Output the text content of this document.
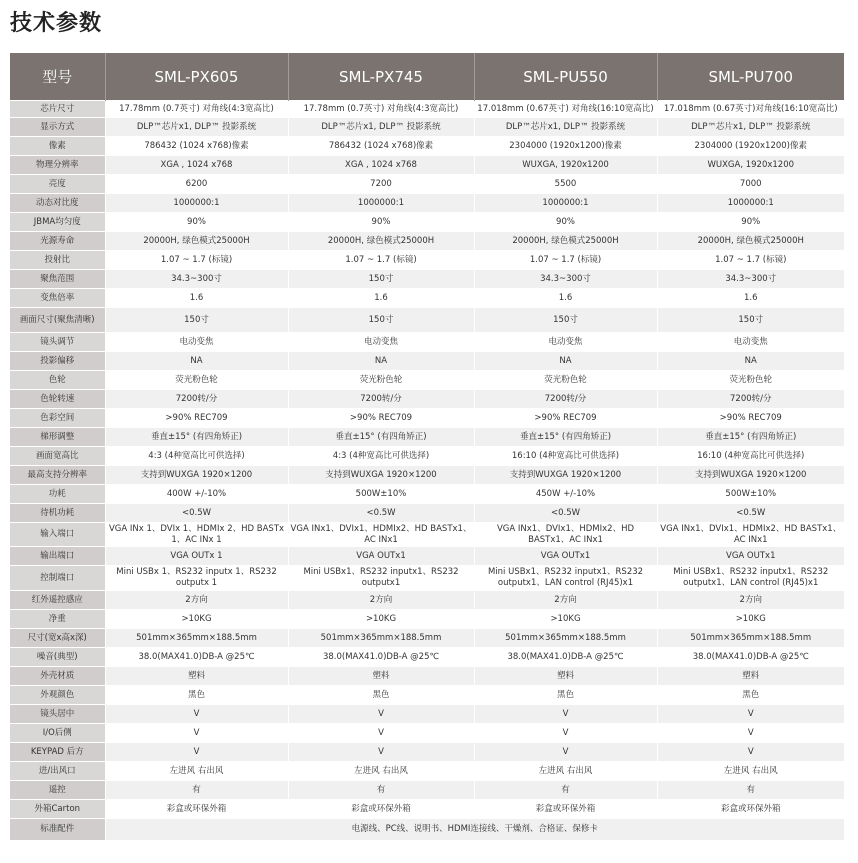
技术参数
型号	SML-PX605	SML-PX745	SML-PU550	SML-PU700
芯片尺寸	17.78mm (0.7英寸) 对角线(4:3宽高比)	17.78mm (0.7英寸) 对角线(4:3宽高比)	17.018mm (0.67英寸) 对角线(16:10宽高比)	17.018mm (0.67英寸)对角线(16:10宽高比)
显示方式	DLP™芯片x1, DLP™ 投影系统	DLP™芯片x1, DLP™ 投影系统	DLP™芯片x1, DLP™ 投影系统	DLP™芯片x1, DLP™ 投影系统
像素	786432 (1024 x768)像素	786432 (1024 x768)像素	2304000 (1920x1200)像素	2304000 (1920x1200)像素
物理分辨率	XGA , 1024 x768	XGA , 1024 x768	WUXGA, 1920x1200	WUXGA, 1920x1200
亮度	6200	7200	5500	7000
动态对比度	1000000:1	1000000:1	1000000:1	1000000:1
JBMA均匀度	90%	90%	90%	90%
光源寿命	20000H, 绿色模式25000H	20000H, 绿色模式25000H	20000H, 绿色模式25000H	20000H, 绿色模式25000H
投射比	1.07 ~ 1.7 (标镜)	1.07 ~ 1.7 (标镜)	1.07 ~ 1.7 (标镜)	1.07 ~ 1.7 (标镜)
聚焦范围	34.3~300寸	150寸	34.3~300寸	34.3~300寸
变焦倍率	1.6	1.6	1.6	1.6
画面尺寸(聚焦清晰)	150寸	150寸	150寸	150寸
镜头调节	电动变焦	电动变焦	电动变焦	电动变焦
投影偏移	NA	NA	NA	NA
色轮	荧光粉色轮	荧光粉色轮	荧光粉色轮	荧光粉色轮
色轮转速	7200转/分	7200转/分	7200转/分	7200转/分
色彩空间	>90% REC709	>90% REC709	>90% REC709	>90% REC709
梯形调整	垂直±15° (有四角矫正)	垂直±15° (有四角矫正)	垂直±15° (有四角矫正)	垂直±15° (有四角矫正)
画面宽高比	4:3 (4种宽高比可供选择)	4:3 (4种宽高比可供选择)	16:10 (4种宽高比可供选择)	16:10 (4种宽高比可供选择)
最高支持分辨率	支持到WUXGA 1920×1200	支持到WUXGA 1920×1200	支持到WUXGA 1920×1200	支持到WUXGA 1920×1200
功耗	400W +/-10%	500W±10%	450W +/-10%	500W±10%
待机功耗	<0.5W	<0.5W	<0.5W	<0.5W
输入端口	VGA INx 1、DVIx 1、HDMIx 2、HD BASTx 1、AC INx 1	VGA INx1、DVIx1、HDMIx2、HD BASTx1、AC INx1	VGA INx1、DVIx1、HDMIx2、HD BASTx1、AC INx1	VGA INx1、DVIx1、HDMIx2、HD BASTx1、AC INx1
输出端口	VGA OUTx 1	VGA OUTx1	VGA OUTx1	VGA OUTx1
控制端口	Mini USBx 1、RS232 inputx 1、RS232 outputx 1	Mini USBx1、RS232 inputx1、RS232 outputx1	Mini USBx1、RS232 inputx1、RS232 outputx1、LAN control (RJ45)x1	Mini USBx1、RS232 inputx1、RS232 outputx1、LAN control (RJ45)x1
红外遥控感应	2方向	2方向	2方向	2方向
净重	>10KG	>10KG	>10KG	>10KG
尺寸(宽x高x深)	501mm×365mm×188.5mm	501mm×365mm×188.5mm	501mm×365mm×188.5mm	501mm×365mm×188.5mm
噪音(典型)	38.0(MAX41.0)DB-A @25℃	38.0(MAX41.0)DB-A @25℃	38.0(MAX41.0)DB-A @25℃	38.0(MAX41.0)DB-A @25℃
外壳材质	塑料	塑料	塑料	塑料
外观颜色	黑色	黑色	黑色	黑色
镜头居中	V	V	V	V
I/O后侧	V	V	V	V
KEYPAD 后方	V	V	V	V
进/出风口	左进风 右出风	左进风 右出风	左进风 右出风	左进风 右出风
遥控	有	有	有	有
外箱Carton	彩盒或环保外箱	彩盒或环保外箱	彩盒或环保外箱	彩盒或环保外箱
标准配件	电源线、PC线、说明书、HDMI连接线、干燥剂、合格证、保修卡			
